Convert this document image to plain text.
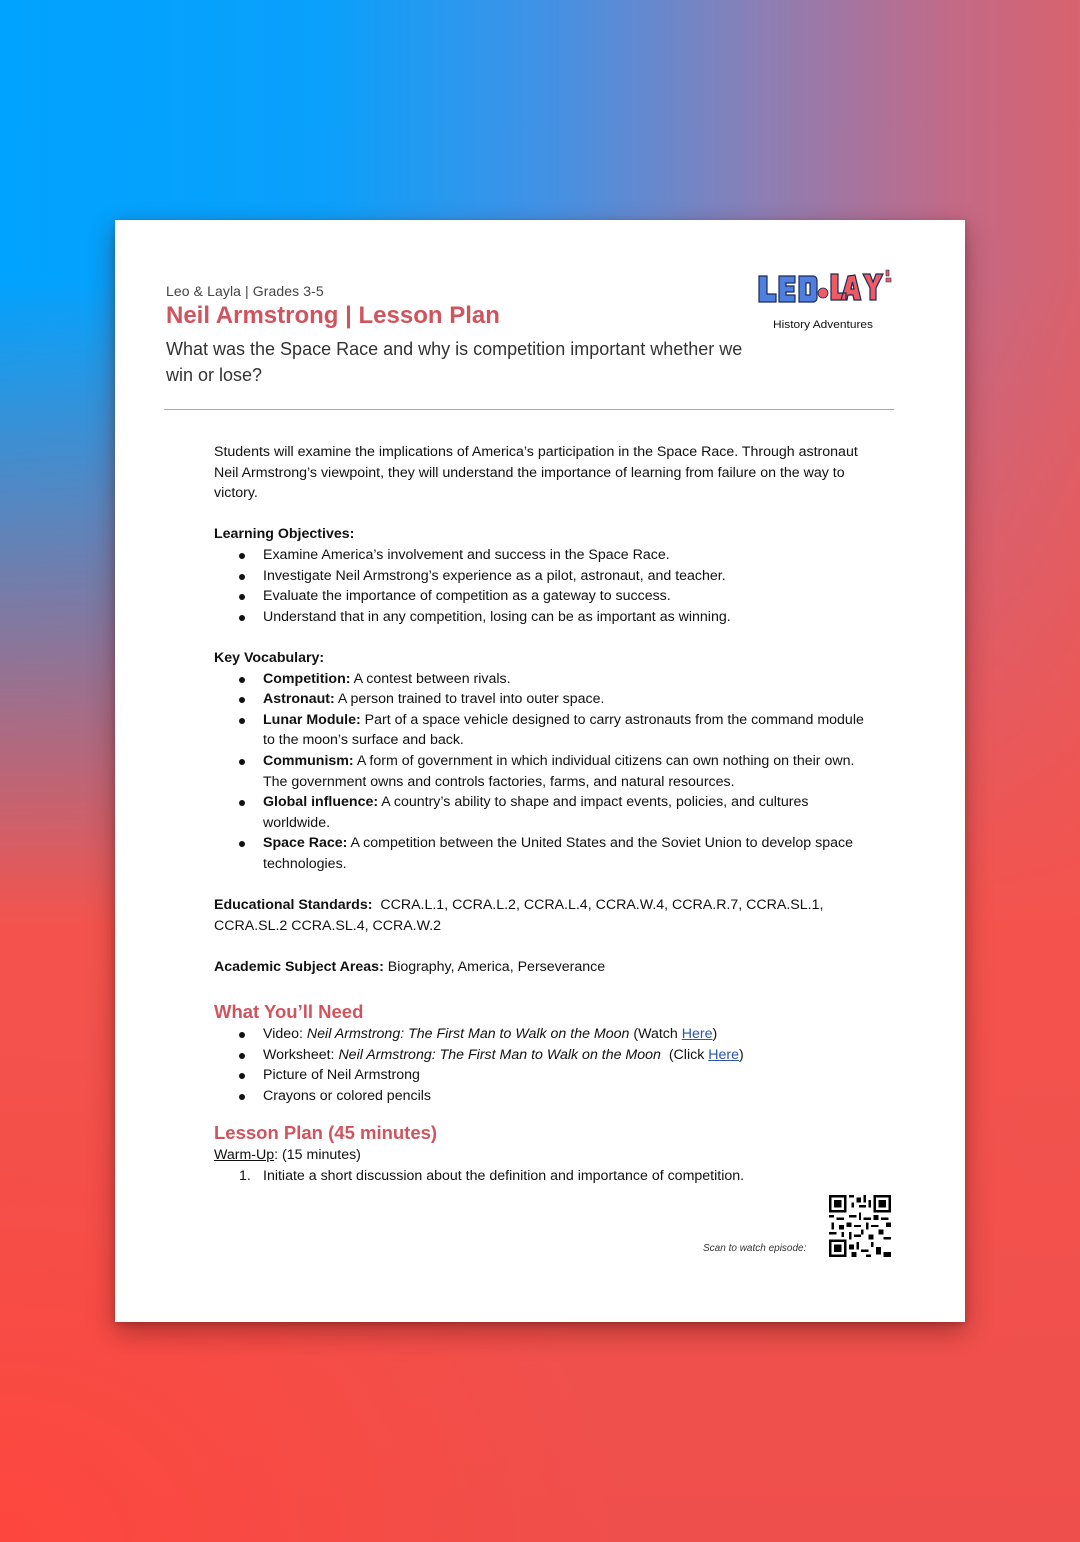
Leo & Layla | Grades 3-5
Neil Armstrong | Lesson Plan
What was the Space Race and why is competition important whether we win or lose?
History Adventures

Students will examine the implications of America’s participation in the Space Race. Through astronaut Neil Armstrong’s viewpoint, they will understand the importance of learning from failure on the way to victory.

Learning Objectives:

Examine America’s involvement and success in the Space Race.
Investigate Neil Armstrong’s experience as a pilot, astronaut, and teacher.
Evaluate the importance of competition as a gateway to success.
Understand that in any competition, losing can be as important as winning.

Key Vocabulary:

Competition: A contest between rivals.
Astronaut: A person trained to travel into outer space.
Lunar Module: Part of a space vehicle designed to carry astronauts from the command module to the moon’s surface and back.
Communism: A form of government in which individual citizens can own nothing on their own. The government owns and controls factories, farms, and natural resources.
Global influence: A country’s ability to shape and impact events, policies, and cultures worldwide.
Space Race: A competition between the United States and the Soviet Union to develop space technologies.

Educational Standards:  CCRA.L.1, CCRA.L.2, CCRA.L.4, CCRA.W.4, CCRA.R.7, CCRA.SL.1, CCRA.SL.2 CCRA.SL.4, CCRA.W.2

Academic Subject Areas: Biography, America, Perseverance

What You’ll Need
Video: Neil Armstrong: The First Man to Walk on the Moon (Watch Here)
Worksheet: Neil Armstrong: The First Man to Walk on the Moon  (Click Here)
Picture of Neil Armstrong
Crayons or colored pencils
Lesson Plan (45 minutes)

Warm-Up: (15 minutes)

1. Initiate a short discussion about the definition and importance of competition.
Scan to watch episode:
